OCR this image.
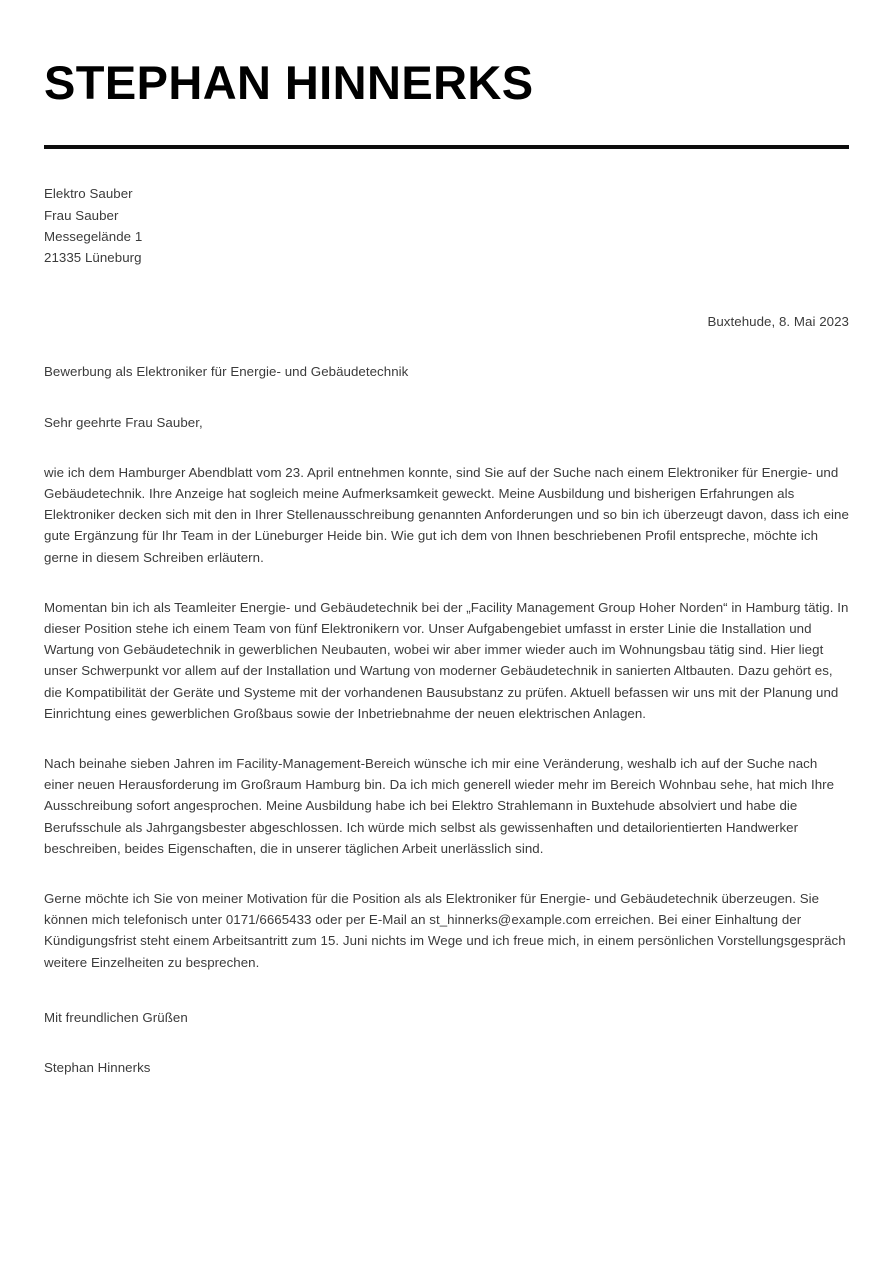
STEPHAN HINNERKS
Elektro Sauber
Frau Sauber
Messegelände 1
21335 Lüneburg
Buxtehude, 8. Mai 2023
Bewerbung als Elektroniker für Energie- und Gebäudetechnik
Sehr geehrte Frau Sauber,

wie ich dem Hamburger Abendblatt vom 23. April entnehmen konnte, sind Sie auf der Suche nach einem Elektroniker für Energie- und Gebäudetechnik. Ihre Anzeige hat sogleich meine Aufmerksamkeit geweckt. Meine Ausbildung und bisherigen Erfahrungen als Elektroniker decken sich mit den in Ihrer Stellenausschreibung genannten Anforderungen und so bin ich überzeugt davon, dass ich eine gute Ergänzung für Ihr Team in der Lüneburger Heide bin. Wie gut ich dem von Ihnen beschriebenen Profil entspreche, möchte ich gerne in diesem Schreiben erläutern.

Momentan bin ich als Teamleiter Energie- und Gebäudetechnik bei der „Facility Management Group Hoher Norden“ in Hamburg tätig. In dieser Position stehe ich einem Team von fünf Elektronikern vor. Unser Aufgabengebiet umfasst in erster Linie die Installation und Wartung von Gebäudetechnik in gewerblichen Neubauten, wobei wir aber immer wieder auch im Wohnungsbau tätig sind. Hier liegt unser Schwerpunkt vor allem auf der Installation und Wartung von moderner Gebäudetechnik in sanierten Altbauten. Dazu gehört es, die Kompatibilität der Geräte und Systeme mit der vorhandenen Bausubstanz zu prüfen. Aktuell befassen wir uns mit der Planung und Einrichtung eines gewerblichen Großbaus sowie der Inbetriebnahme der neuen elektrischen Anlagen.

Nach beinahe sieben Jahren im Facility-Management-Bereich wünsche ich mir eine Veränderung, weshalb ich auf der Suche nach einer neuen Herausforderung im Großraum Hamburg bin. Da ich mich generell wieder mehr im Bereich Wohnbau sehe, hat mich Ihre Ausschreibung sofort angesprochen. Meine Ausbildung habe ich bei Elektro Strahlemann in Buxtehude absolviert und habe die Berufsschule als Jahrgangsbester abgeschlossen. Ich würde mich selbst als gewissenhaften und detailorientierten Handwerker beschreiben, beides Eigenschaften, die in unserer täglichen Arbeit unerlässlich sind.

Gerne möchte ich Sie von meiner Motivation für die Position als als Elektroniker für Energie- und Gebäudetechnik überzeugen. Sie können mich telefonisch unter 0171/6665433 oder per E-Mail an st_hinnerks@example.com erreichen. Bei einer Einhaltung der Kündigungsfrist steht einem Arbeitsantritt zum 15. Juni nichts im Wege und ich freue mich, in einem persönlichen Vorstellungsgespräch weitere Einzelheiten zu besprechen.

Mit freundlichen Grüßen
Stephan Hinnerks
